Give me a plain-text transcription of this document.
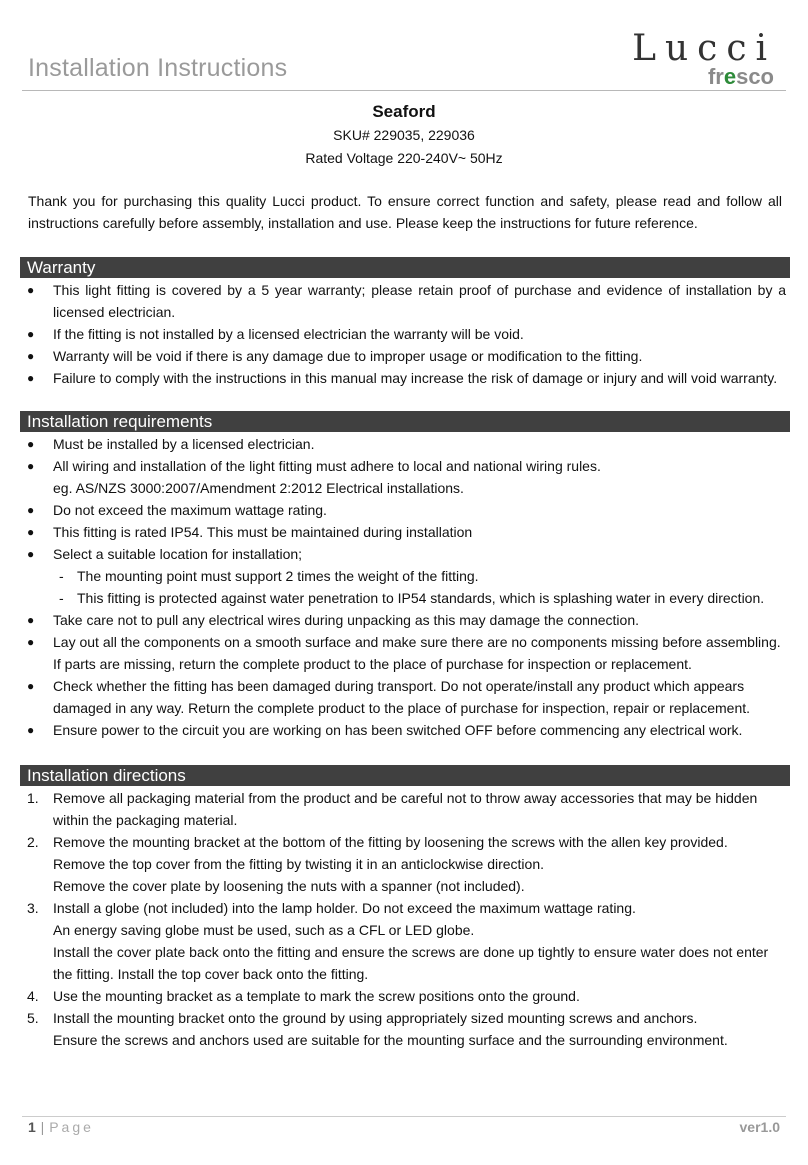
Installation Instructions	Lucci
fresco
Seaford
SKU# 229035, 229036
Rated Voltage 220-240V~ 50Hz
Thank you for purchasing this quality Lucci product. To ensure correct function and safety, please read and follow all instructions carefully before assembly, installation and use. Please keep the instructions for future reference.
Warranty
●	This light fitting is covered by a 5 year warranty; please retain proof of purchase and evidence of installation by a licensed electrician.
●	If the fitting is not installed by a licensed electrician the warranty will be void.
●	Warranty will be void if there is any damage due to improper usage or modification to the fitting.
●	Failure to comply with the instructions in this manual may increase the risk of damage or injury and will void warranty.
Installation requirements
●	Must be installed by a licensed electrician.
●	All wiring and installation of the light fitting must adhere to local and national wiring rules.
eg. AS/NZS 3000:2007/Amendment 2:2012 Electrical installations.
●	Do not exceed the maximum wattage rating.
●	This fitting is rated IP54. This must be maintained during installation
●	Select a suitable location for installation;
- The mounting point must support 2 times the weight of the fitting.
- This fitting is protected against water penetration to IP54 standards, which is splashing water in every direction.
●	Take care not to pull any electrical wires during unpacking as this may damage the connection.
●	Lay out all the components on a smooth surface and make sure there are no components missing before assembling.
If parts are missing, return the complete product to the place of purchase for inspection or replacement.
●	Check whether the fitting has been damaged during transport. Do not operate/install any product which appears damaged in any way. Return the complete product to the place of purchase for inspection, repair or replacement.
●	Ensure power to the circuit you are working on has been switched OFF before commencing any electrical work.
Installation directions
1.	Remove all packaging material from the product and be careful not to throw away accessories that may be hidden within the packaging material.
2.	Remove the mounting bracket at the bottom of the fitting by loosening the screws with the allen key provided.
Remove the top cover from the fitting by twisting it in an anticlockwise direction.
Remove the cover plate by loosening the nuts with a spanner (not included).
3.	Install a globe (not included) into the lamp holder. Do not exceed the maximum wattage rating.
An energy saving globe must be used, such as a CFL or LED globe.
Install the cover plate back onto the fitting and ensure the screws are done up tightly to ensure water does not enter the fitting. Install the top cover back onto the fitting.
4.	Use the mounting bracket as a template to mark the screw positions onto the ground.
5.	Install the mounting bracket onto the ground by using appropriately sized mounting screws and anchors.
Ensure the screws and anchors used are suitable for the mounting surface and the surrounding environment.
1 | Page	ver1.0
